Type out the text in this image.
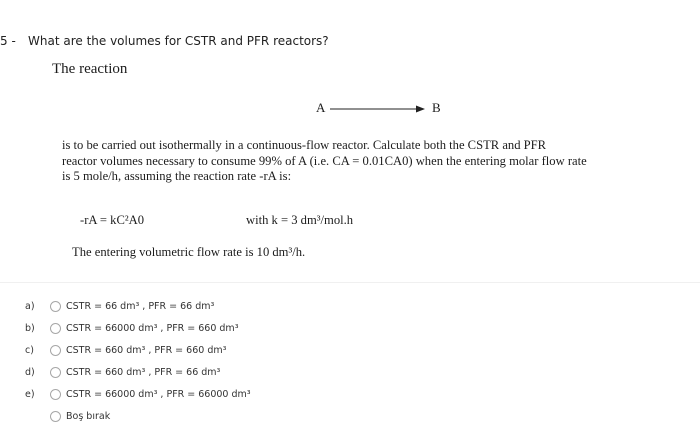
5 - What are the volumes for CSTR and PFR reactors?
The reaction
A	B
is to be carried out isothermally in a continuous-flow reactor. Calculate both the CSTR and PFR
reactor volumes necessary to consume 99% of A (i.e. CA = 0.01CA0) when the entering molar flow rate
is 5 mole/h, assuming the reaction rate -rA is:
-rA = kC²A0	with k = 3 dm³/mol.h
The entering volumetric flow rate is 10 dm³/h.
a)	CSTR = 66 dm³ , PFR = 66 dm³
b)	CSTR = 66000 dm³ , PFR = 660 dm³
c)	CSTR = 660 dm³ , PFR = 660 dm³
d)	CSTR = 660 dm³ , PFR = 66 dm³
e)	CSTR = 66000 dm³ , PFR = 66000 dm³
Boş bırak
